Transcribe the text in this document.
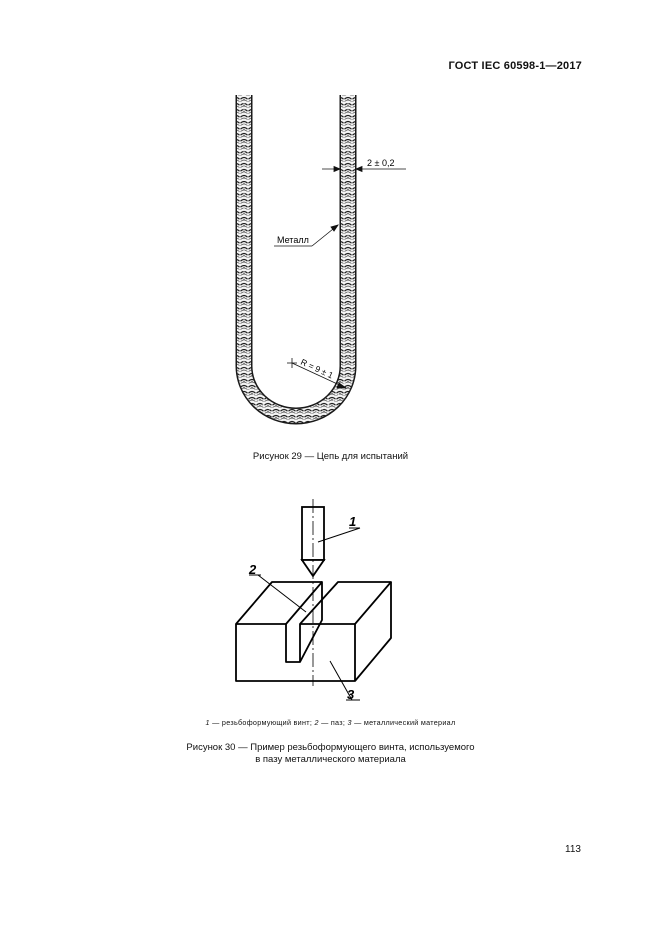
ГОСТ IEC 60598-1—2017
2 ± 0,2
Металл
R = 9 ± 1
Рисунок 29 — Цепь для испытаний
1
2
3
1 — резьбоформующий винт; 2 — паз; 3 — металлический материал
Рисунок 30 — Пример резьбоформующего винта, используемого
в пазу металлического материала
113
